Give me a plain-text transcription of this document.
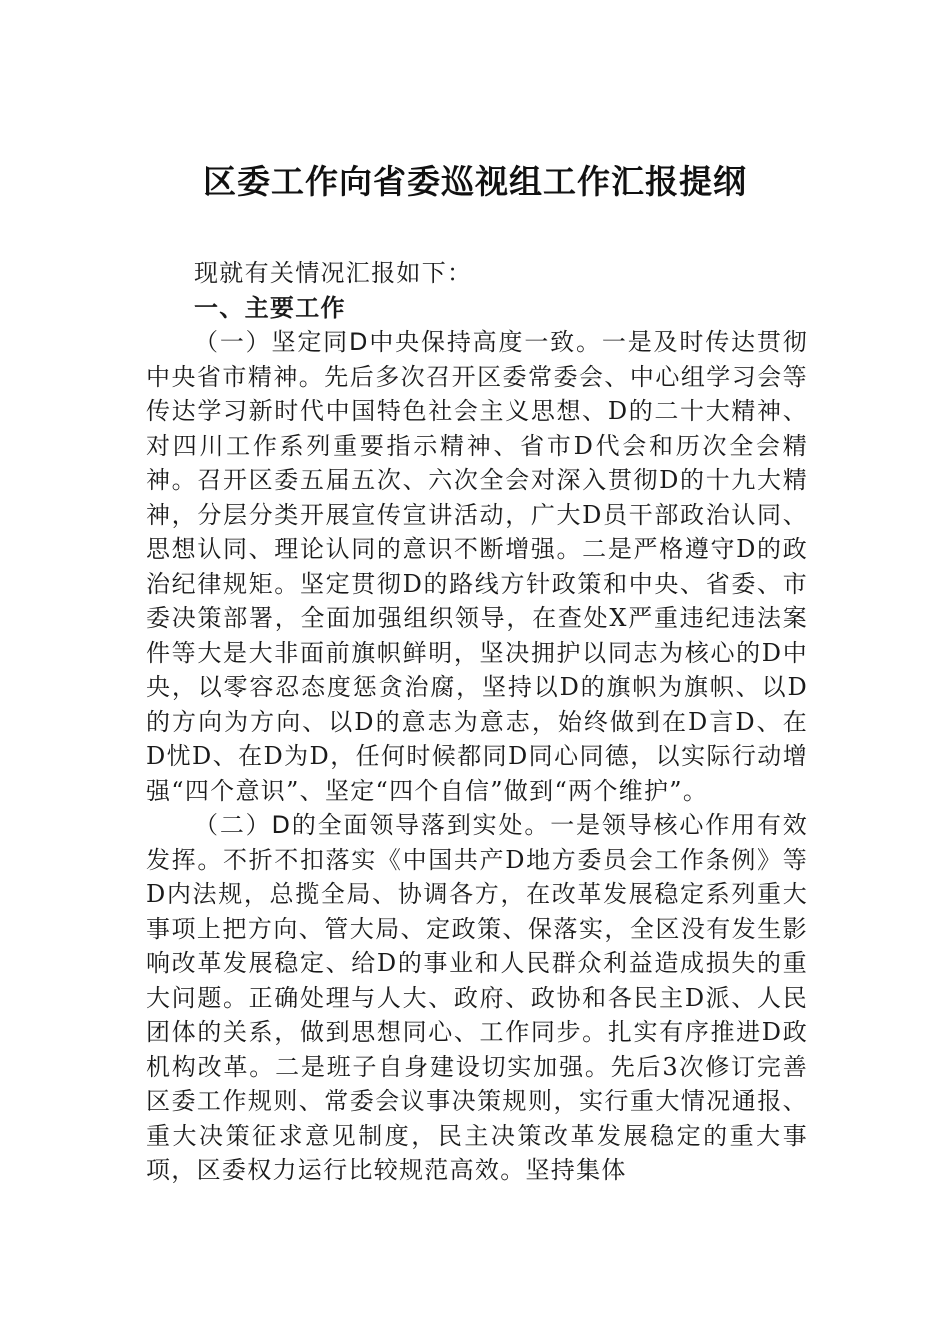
区委工作向省委巡视组工作汇报提纲

现就有关情况汇报如下：

一、主要工作

（一）坚定同D中央保持高度一致。一是及时传达贯彻中央省市精神。先后多次召开区委常委会、中心组学习会等传达学习新时代中国特色社会主义思想、D的二十大精神、对四川工作系列重要指示精神、省市D代会和历次全会精神。召开区委五届五次、六次全会对深入贯彻D的十九大精神，分层分类开展宣传宣讲活动，广大D员干部政治认同、思想认同、理论认同的意识不断增强。二是严格遵守D的政治纪律规矩。坚定贯彻D的路线方针政策和中央、省委、市委决策部署，全面加强组织领导，在查处X严重违纪违法案件等大是大非面前旗帜鲜明，坚决拥护以同志为核心的D中央，以零容忍态度惩贪治腐，坚持以D的旗帜为旗帜、以D的方向为方向、以D的意志为意志，始终做到在D言D、在D忧D、在D为D，任何时候都同D同心同德，以实际行动增强“四个意识”、坚定“四个自信”做到“两个维护”。

（二）D的全面领导落到实处。一是领导核心作用有效发挥。不折不扣落实《中国共产D地方委员会工作条例》等D内法规，总揽全局、协调各方，在改革发展稳定系列重大事项上把方向、管大局、定政策、保落实，全区没有发生影响改革发展稳定、给D的事业和人民群众利益造成损失的重大问题。正确处理与人大、政府、政协和各民主D派、人民团体的关系，做到思想同心、工作同步。扎实有序推进D政机构改革。二是班子自身建设切实加强。先后3次修订完善区委工作规则、常委会议事决策规则，实行重大情况通报、重大决策征求意见制度，民主决策改革发展稳定的重大事项，区委权力运行比较规范高效。坚持集体
